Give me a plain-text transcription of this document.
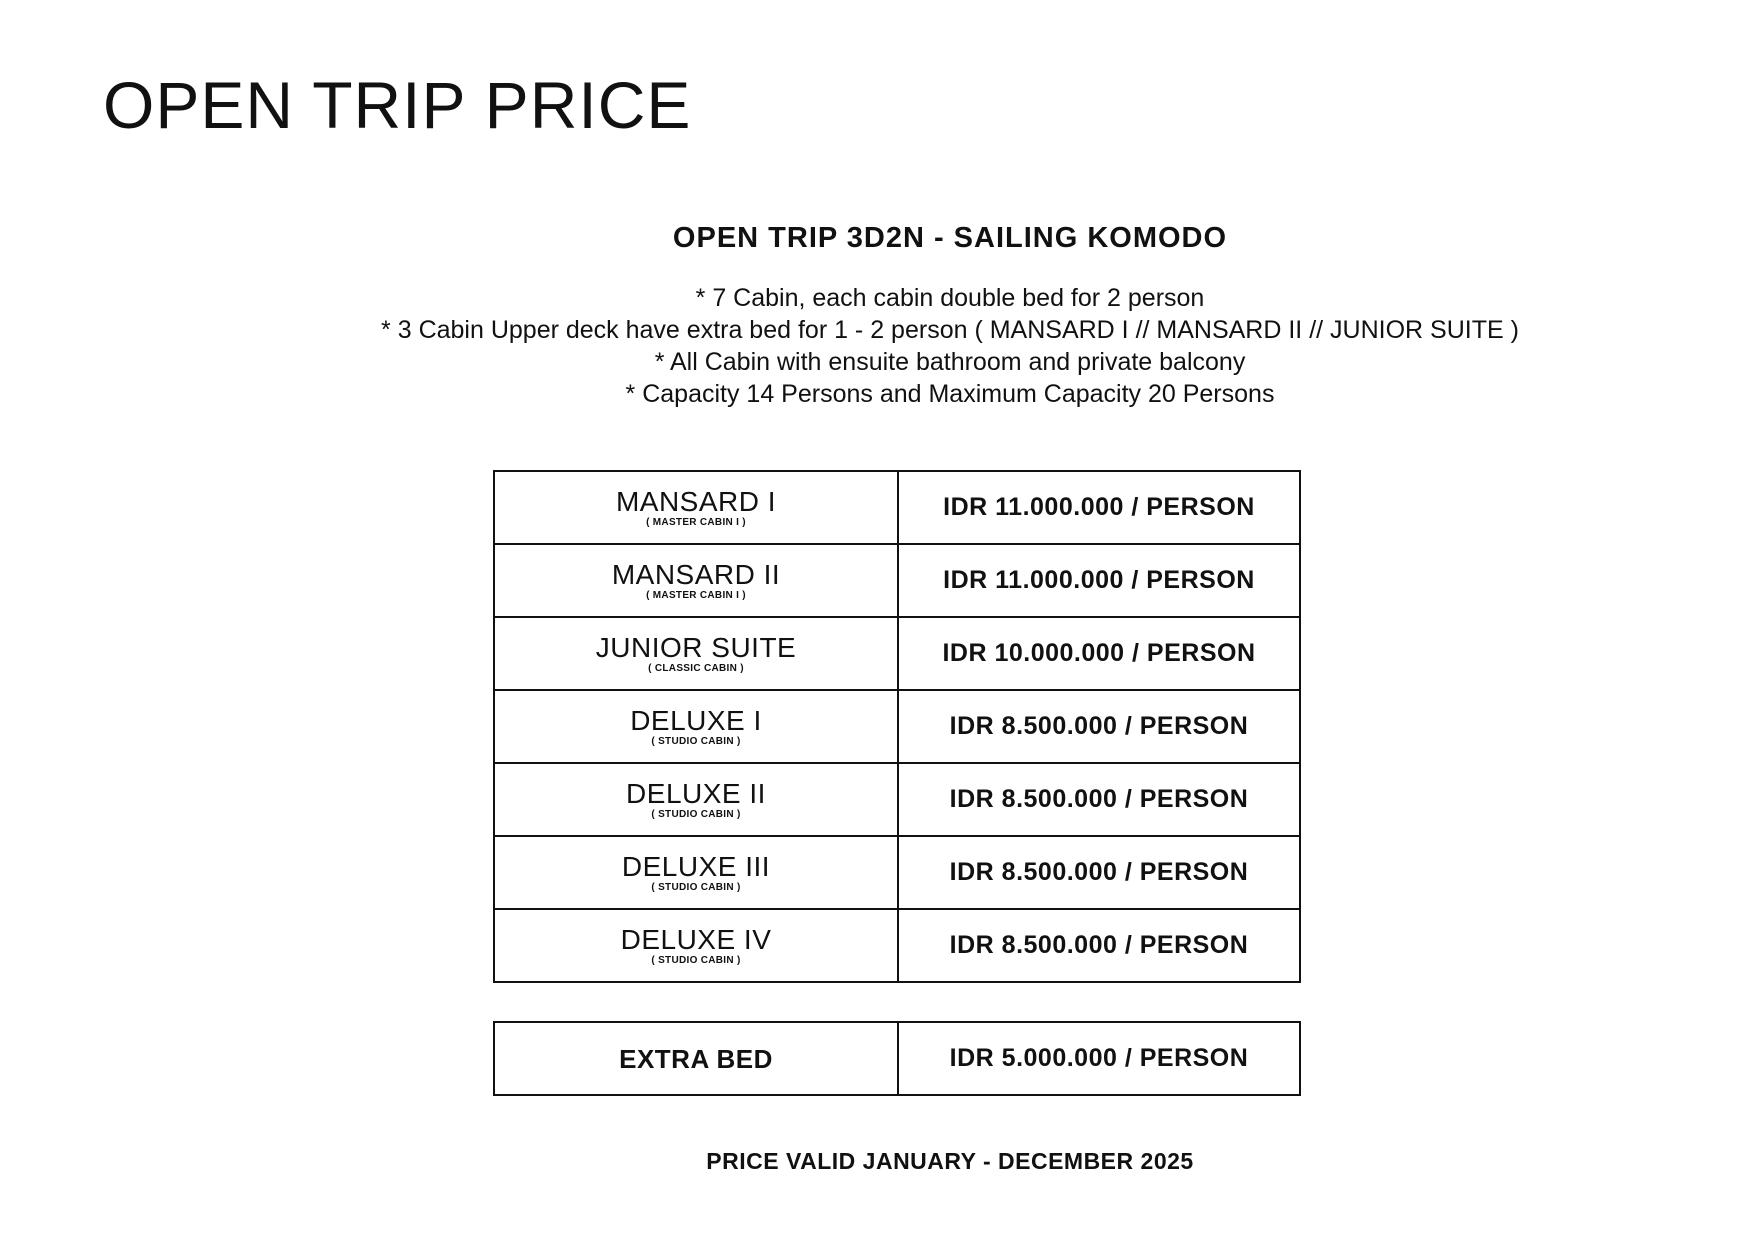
OPEN TRIP PRICE
OPEN TRIP 3D2N - SAILING KOMODO
* 7 Cabin, each cabin double bed for 2 person
* 3 Cabin Upper deck have extra bed for 1 - 2 person ( MANSARD I // MANSARD II // JUNIOR SUITE )
* All Cabin with ensuite bathroom and private balcony
* Capacity 14 Persons and Maximum Capacity 20 Persons
MANSARD I
( MASTER CABIN I )	IDR 11.000.000 / PERSON

MANSARD II
( MASTER CABIN I )	IDR 11.000.000 / PERSON

JUNIOR SUITE
( CLASSIC CABIN )	IDR 10.000.000 / PERSON

DELUXE I
( STUDIO CABIN )	IDR 8.500.000 / PERSON

DELUXE II
( STUDIO CABIN )	IDR 8.500.000 / PERSON

DELUXE III
( STUDIO CABIN )	IDR 8.500.000 / PERSON

DELUXE IV
( STUDIO CABIN )	IDR 8.500.000 / PERSON
EXTRA BED	IDR 5.000.000 / PERSON

PRICE VALID JANUARY - DECEMBER 2025
